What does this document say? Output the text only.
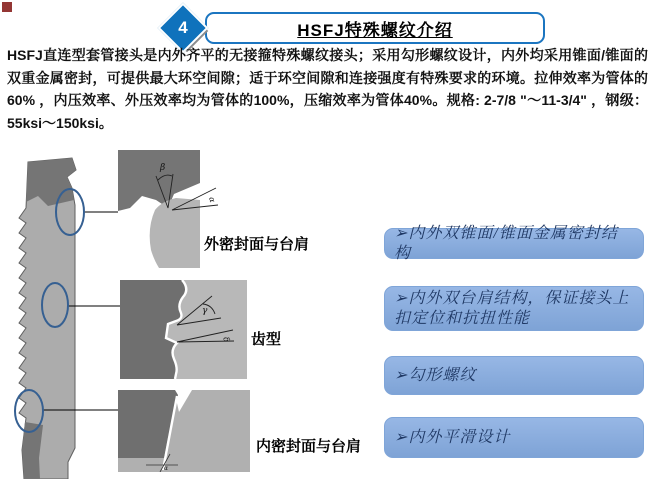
HSFJ特殊螺纹介绍
4
HSFJ直连型套管接头是内外齐平的无接箍特殊螺纹接头；采用勾形螺纹设计，内外均采用锥面/锥面的双重金属密封，可提供最大环空间隙；适于环空间隙和连接强度有特殊要求的环境。拉伸效率为管体的60% ，内压效率、外压效率均为管体的100%，压缩效率为管体40%。规格: 2-7/8 "～11-3/4" ，钢级：55ksi～150ksi。
β
α
γ
δ
α
外密封面与台肩
齿型
内密封面与台肩
➢内外双锥面/锥面金属密封结构
➢内外双台肩结构，保证接头上扣定位和抗扭性能
➢勾形螺纹
➢内外平滑设计
